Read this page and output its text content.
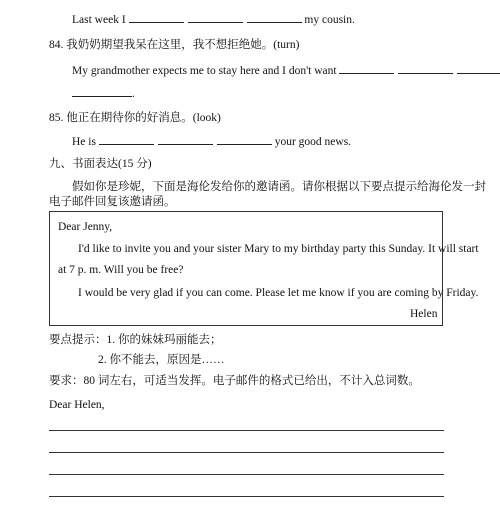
Last week I	my cousin.
84. 我奶奶期望我呆在这里，我不想拒绝她。(turn)
My grandmother expects me to stay here and I don't want
.
85. 他正在期待你的好消息。(look)
He is	your good news.
九、书面表达(15 分)
假如你是珍妮，下面是海伦发给你的邀请函。请你根据以下要点提示给海伦发一封
电子邮件回复该邀请函。
Dear Jenny,
I'd like to invite you and your sister Mary to my birthday party this Sunday. It will start
at 7 p. m. Will you be free?
I would be very glad if you can come. Please let me know if you are coming by Friday.
Helen
要点提示：1. 你的妹妹玛丽能去；
2. 你不能去，原因是……
要求：80 词左右，可适当发挥。电子邮件的格式已给出，不计入总词数。
Dear Helen,
